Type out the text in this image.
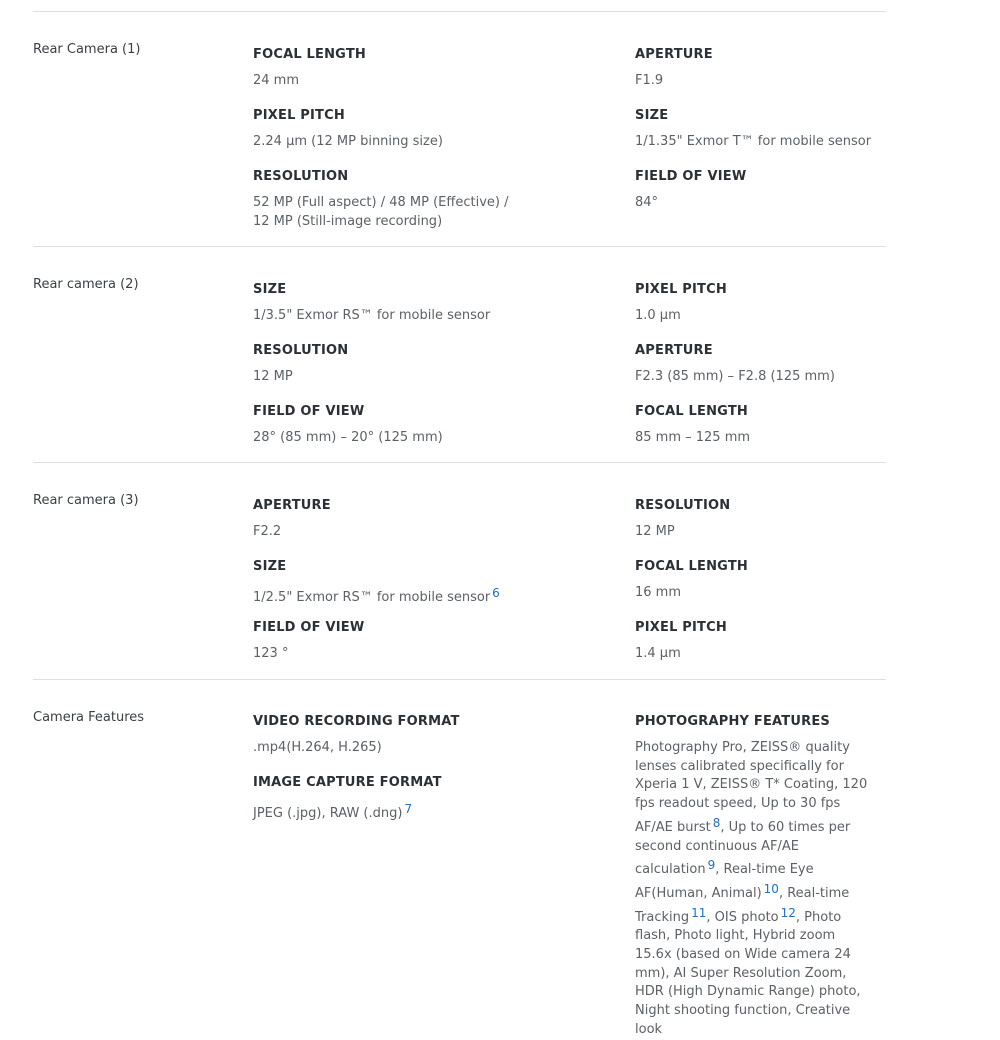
Rear Camera (1)	FOCAL LENGTH
24 mm
PIXEL PITCH
2.24 μm (12 MP binning size)
RESOLUTION
52 MP (Full aspect) / 48 MP (Effective) / 12 MP (Still-image recording)
APERTURE
F1.9
SIZE
1/1.35" Exmor T™ for mobile sensor
FIELD OF VIEW
84°
Rear camera (2)	SIZE
1/3.5" Exmor RS™ for mobile sensor
RESOLUTION
12 MP
FIELD OF VIEW
28° (85 mm) – 20° (125 mm)
PIXEL PITCH
1.0 μm
APERTURE
F2.3 (85 mm) – F2.8 (125 mm)
FOCAL LENGTH
85 mm – 125 mm
Rear camera (3)	APERTURE
F2.2
SIZE
1/2.5" Exmor RS™ for mobile sensor 6
FIELD OF VIEW
123 °
RESOLUTION
12 MP
FOCAL LENGTH
16 mm
PIXEL PITCH
1.4 μm
Camera Features	VIDEO RECORDING FORMAT
.mp4(H.264, H.265)
IMAGE CAPTURE FORMAT
JPEG (.jpg), RAW (.dng) 7
PHOTOGRAPHY FEATURES
Photography Pro, ZEISS® quality lenses calibrated specifically for Xperia 1 V, ZEISS® T* Coating, 120 fps readout speed, Up to 30 fps AF/AE burst 8, Up to 60 times per second continuous AF/AE calculation 9, Real-time Eye AF(Human, Animal) 10, Real-time Tracking 11, OIS photo 12, Photo flash, Photo light, Hybrid zoom 15.6x (based on Wide camera 24 mm), AI Super Resolution Zoom, HDR (High Dynamic Range) photo, Night shooting function, Creative look
